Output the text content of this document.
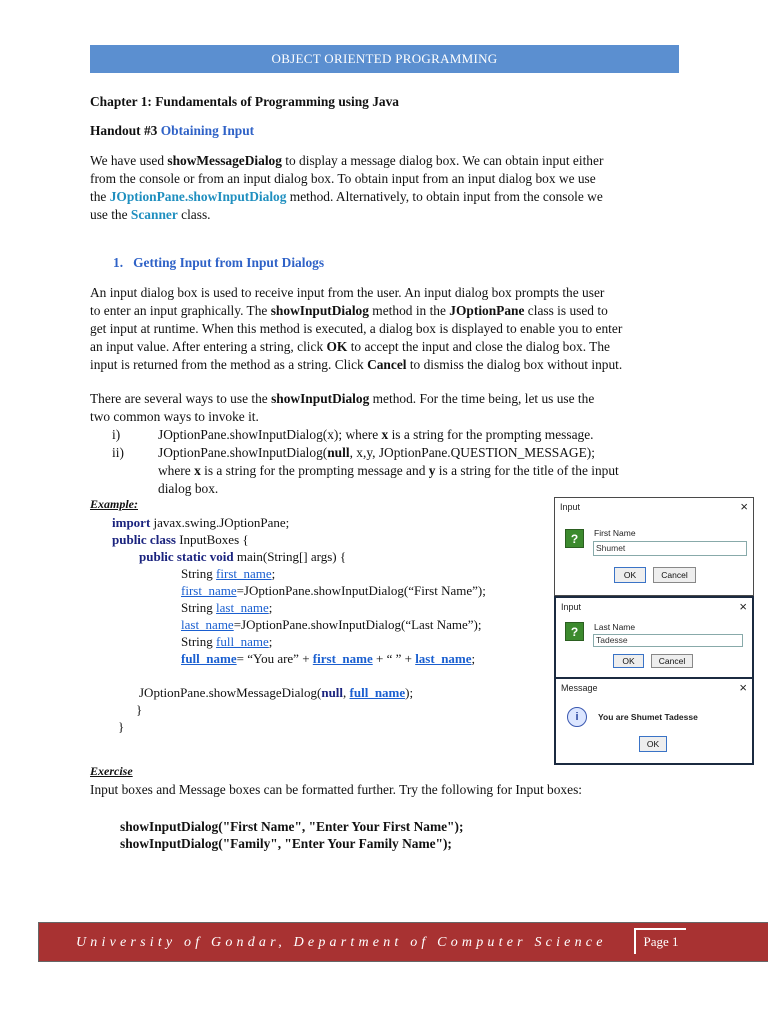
OBJECT ORIENTED PROGRAMMING
Chapter 1: Fundamentals of Programming using Java
Handout #3 Obtaining Input
We have used showMessageDialog to display a message dialog box. We can obtain input either
from the console or from an input dialog box. To obtain input from an input dialog box we use
the JOptionPane.showInputDialog method. Alternatively, to obtain input from the console we
use the Scanner class.
1. Getting Input from Input Dialogs
An input dialog box is used to receive input from the user. An input dialog box prompts the user
to enter an input graphically. The showInputDialog method in the JOptionPane class is used to
get input at runtime. When this method is executed, a dialog box is displayed to enable you to enter
an input value. After entering a string, click OK to accept the input and close the dialog box. The
input is returned from the method as a string. Click Cancel to dismiss the dialog box without input.
There are several ways to use the showInputDialog method. For the time being, let us use the
two common ways to invoke it.
i)	JOptionPane.showInputDialog(x); where x is a string for the prompting message.
ii)	JOptionPane.showInputDialog(null, x,y, JOptionPane.QUESTION_MESSAGE);
where x is a string for the prompting message and y is a string for the title of the input
dialog box.
Example:
import javax.swing.JOptionPane;
public class InputBoxes {
public static void main(String[] args) {
String first_name;
first_name=JOptionPane.showInputDialog(“First Name”);
String last_name;
last_name=JOptionPane.showInputDialog(“Last Name”);
String full_name;
full_name= “You are” + first_name + “ ” + last_name;
JOptionPane.showMessageDialog(null, full_name);
}
}
Input	×
?	First Name
Shumet
OK	Cancel
Input	×
?	Last Name
Tadesse
OK	Cancel
Message	×
i	You are Shumet Tadesse
OK
Exercise
Input boxes and Message boxes can be formatted further. Try the following for Input boxes:
showInputDialog("First Name", "Enter Your First Name");
showInputDialog("Family", "Enter Your Family Name");
University of Gondar, Department of Computer Science	Page 1
